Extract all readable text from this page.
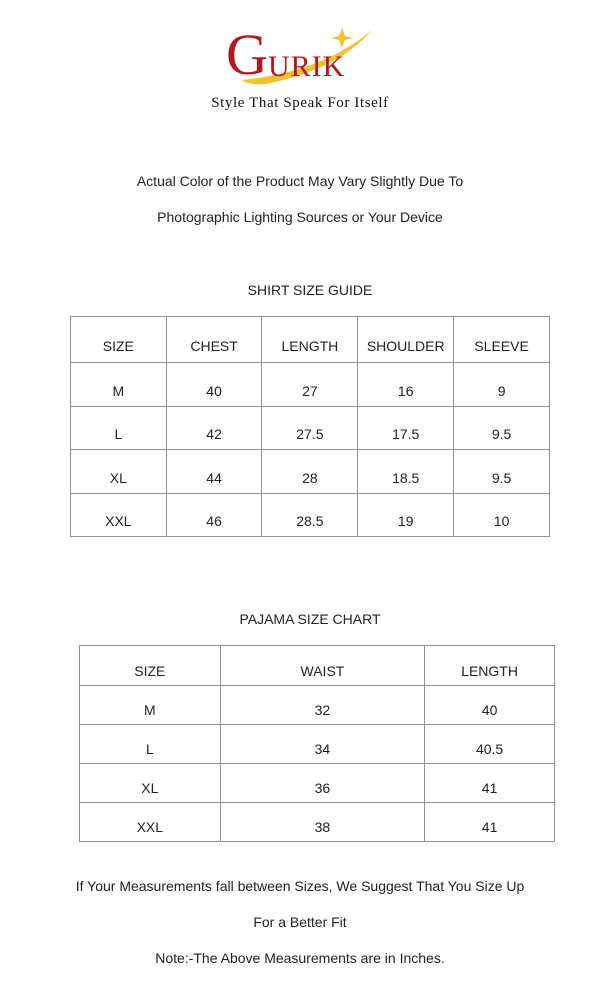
G URIK
Style That Speak For Itself
Actual Color of the Product May Vary Slightly Due To
Photographic Lighting Sources or Your Device
SHIRT SIZE GUIDE
SIZE	CHEST	LENGTH	SHOULDER	SLEEVE
M	40	27	16	9
L	42	27.5	17.5	9.5
XL	44	28	18.5	9.5
XXL	46	28.5	19	10
PAJAMA SIZE CHART
SIZE	WAIST	LENGTH
M	32	40
L	34	40.5
XL	36	41
XXL	38	41
If Your Measurements fall between Sizes, We Suggest That You Size Up
For a Better Fit
Note:-The Above Measurements are in Inches.
